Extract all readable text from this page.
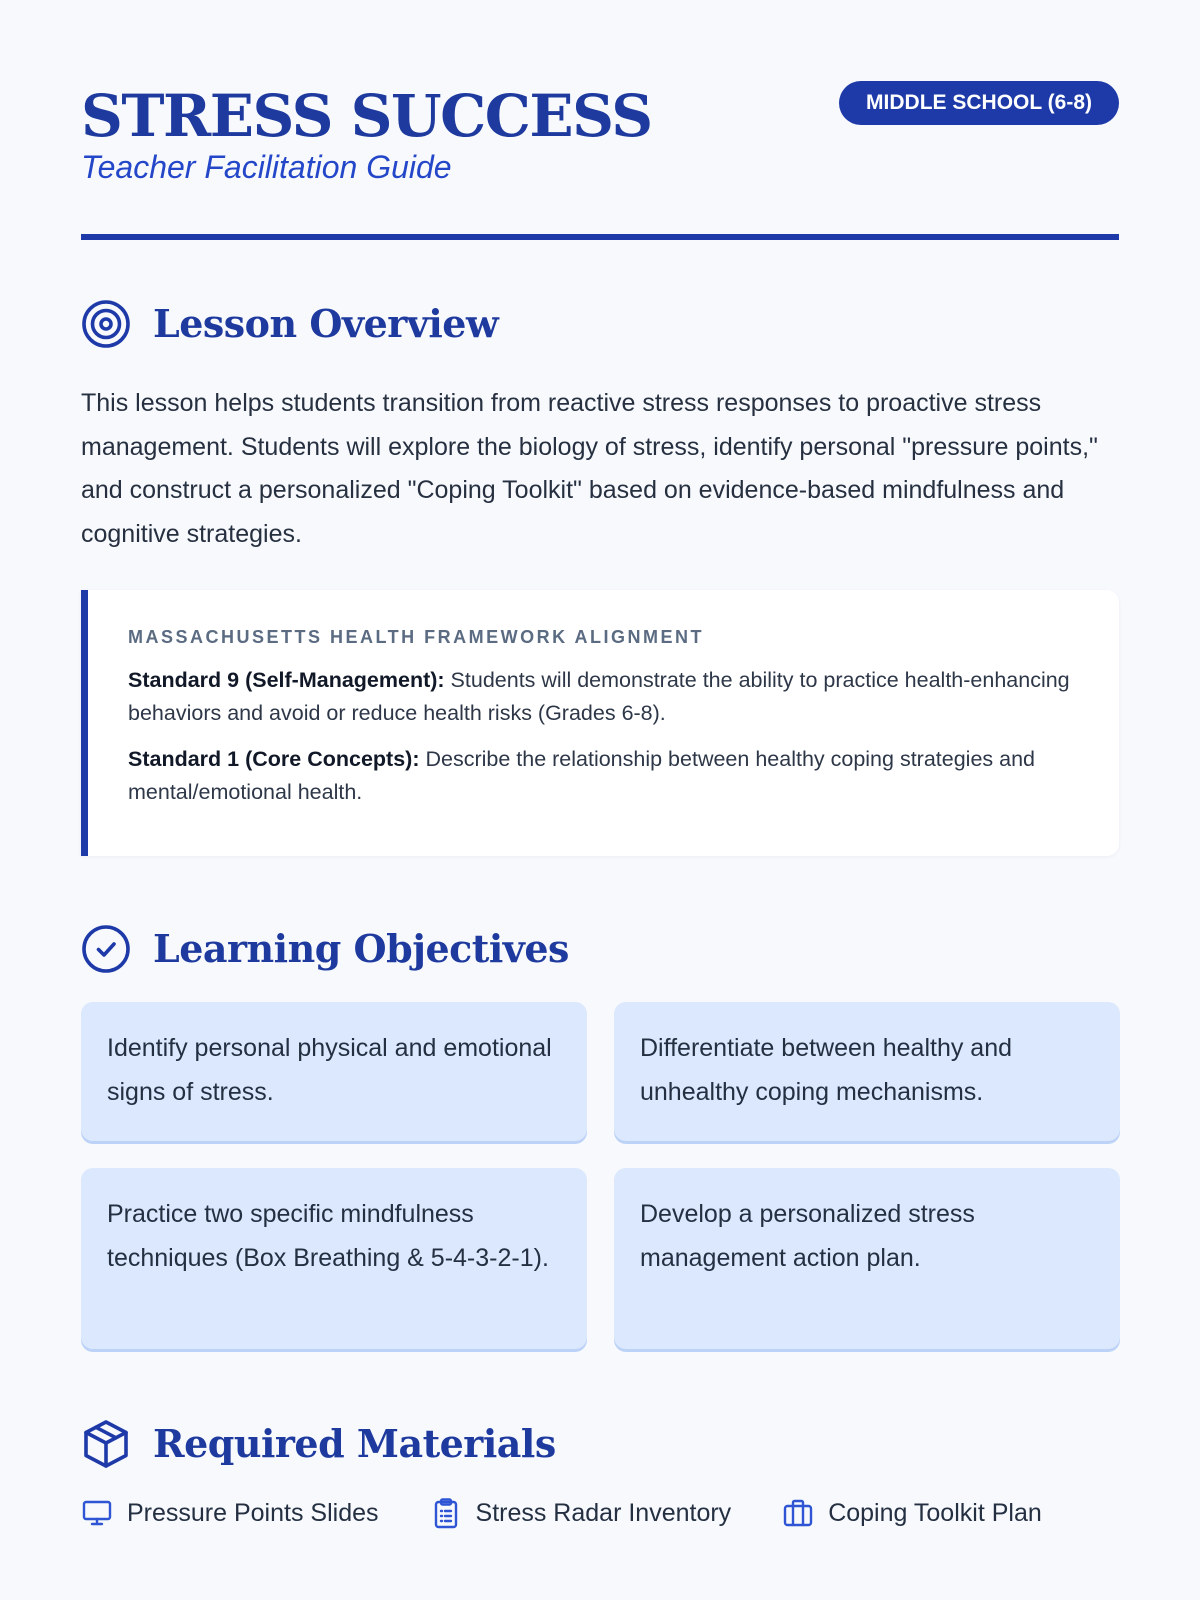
STRESS SUCCESS

Teacher Facilitation Guide

MIDDLE SCHOOL (6-8)
Lesson Overview

This lesson helps students transition from reactive stress responses to proactive stress management. Students will explore the biology of stress, identify personal "pressure points," and construct a personalized "Coping Toolkit" based on evidence-based mindfulness and cognitive strategies.

MASSACHUSETTS HEALTH FRAMEWORK ALIGNMENT

Standard 9 (Self-Management): Students will demonstrate the ability to practice health-enhancing behaviors and avoid or reduce health risks (Grades 6-8).

Standard 1 (Core Concepts): Describe the relationship between healthy coping strategies and mental/emotional health.

Learning Objectives
Identify personal physical and emotional signs of stress.
Differentiate between healthy and unhealthy coping mechanisms.
Practice two specific mindfulness techniques (Box Breathing & 5-4-3-2-1).
Develop a personalized stress management action plan.
Required Materials
Pressure Points Slides	Stress Radar Inventory	Coping Toolkit Plan
